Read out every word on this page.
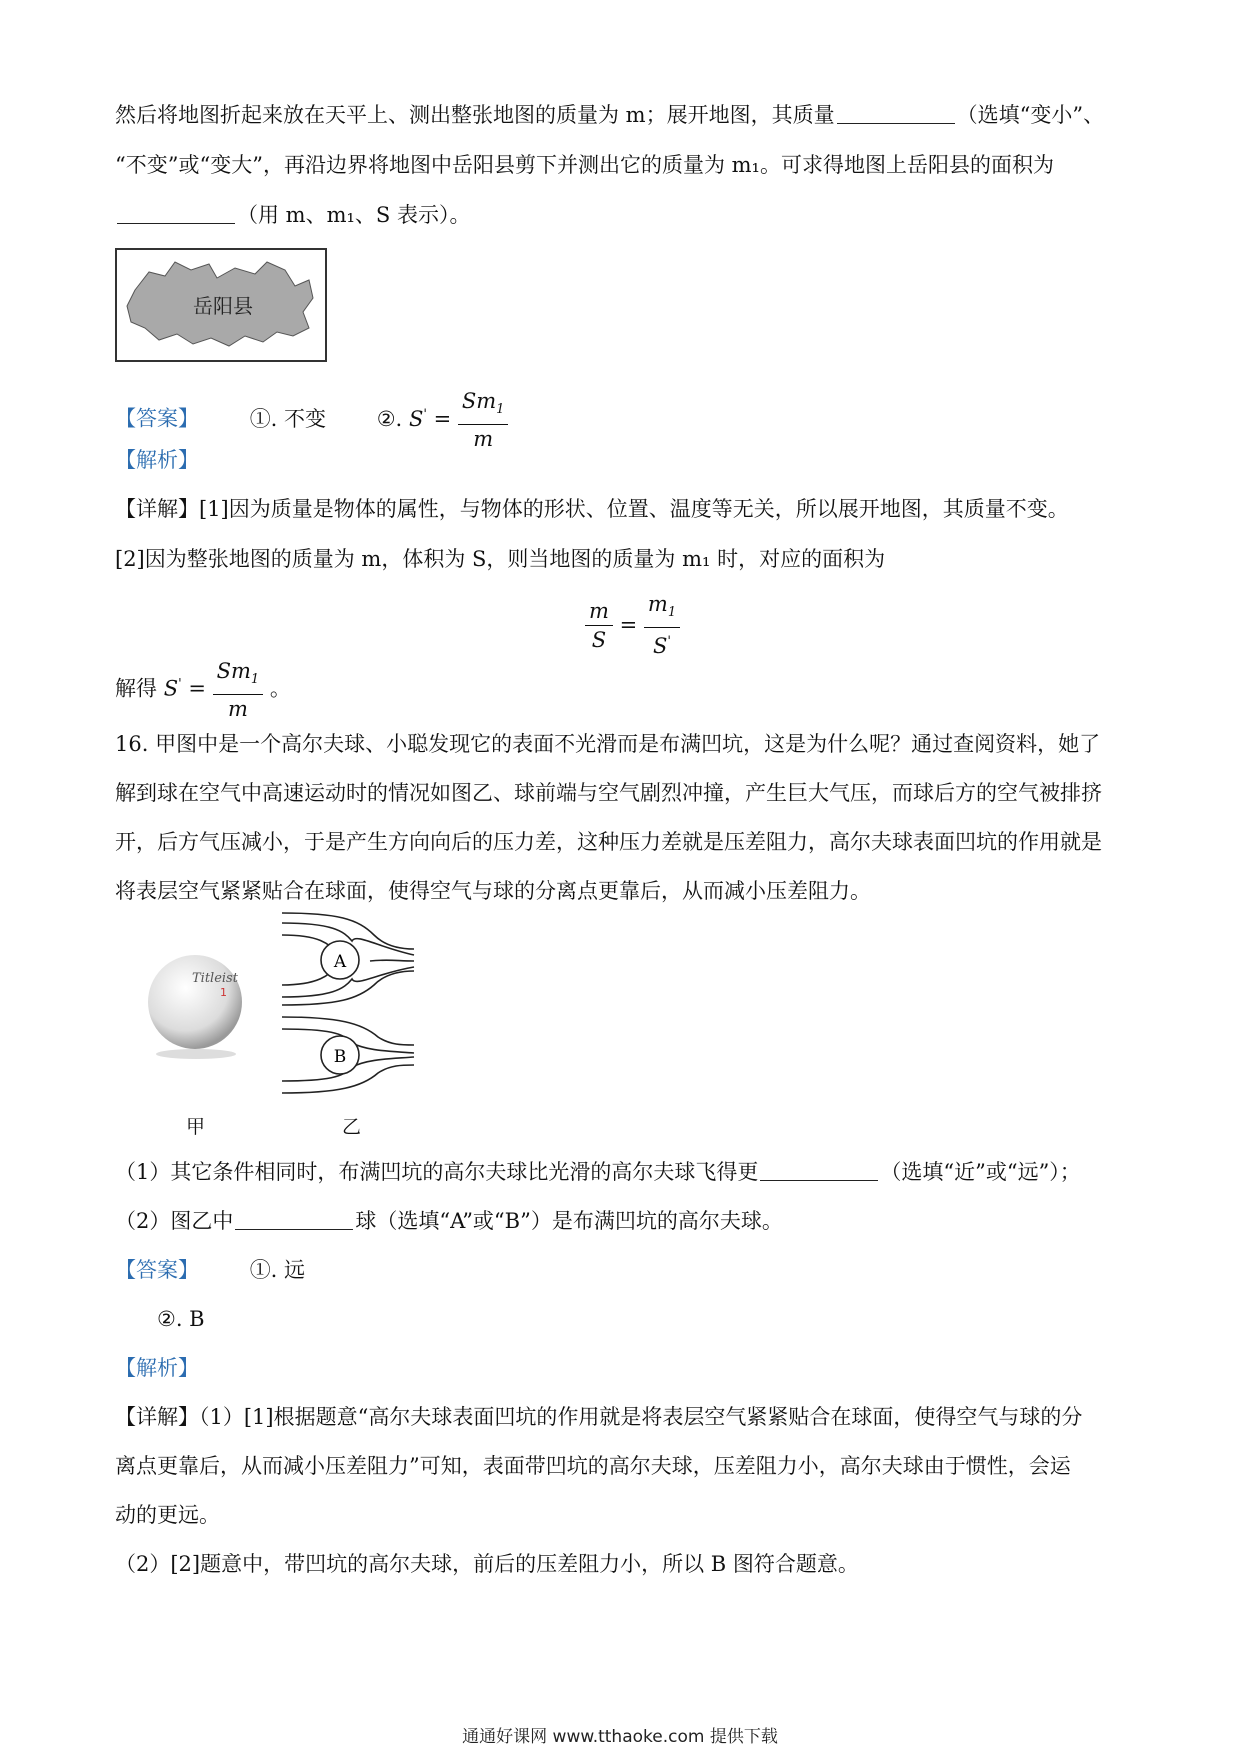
然后将地图折起来放在天平上、测出整张地图的质量为 m；展开地图，其质量	（选填“变小”、
“不变”或“变大”，再沿边界将地图中岳阳县剪下并测出它的质量为 m₁。可求得地图上岳阳县的面积为
（用 m、m₁、S 表示）。
岳阳县
【答案】 ①. 不变 ②. $S' = \frac{Sm_1}{m}$
【解析】
【详解】[1]因为质量是物体的属性，与物体的形状、位置、温度等无关，所以展开地图，其质量不变。
[2]因为整张地图的质量为 m，体积为 S，则当地图的质量为 m₁ 时，对应的面积为
$\frac{m}{S} = \frac{m_1}{S'}$
解得 $S' = \frac{Sm_1}{m}$ 。
16. 甲图中是一个高尔夫球、小聪发现它的表面不光滑而是布满凹坑，这是为什么呢？通过查阅资料，她了
解到球在空气中高速运动时的情况如图乙、球前端与空气剧烈冲撞，产生巨大气压，而球后方的空气被排挤
开，后方气压减小，于是产生方向向后的压力差，这种压力差就是压差阻力，高尔夫球表面凹坑的作用就是
将表层空气紧紧贴合在球面，使得空气与球的分离点更靠后，从而减小压差阻力。
Titleist
1
A
B
甲	乙
（1）其它条件相同时，布满凹坑的高尔夫球比光滑的高尔夫球飞得更	（选填“近”或“远”）；
（2）图乙中	球（选填“A”或“B”）是布满凹坑的高尔夫球。
【答案】 ①. 远
②. B
【解析】
【详解】（1）[1]根据题意“高尔夫球表面凹坑的作用就是将表层空气紧紧贴合在球面，使得空气与球的分
离点更靠后，从而减小压差阻力”可知，表面带凹坑的高尔夫球，压差阻力小，高尔夫球由于惯性，会运
动的更远。
（2）[2]题意中，带凹坑的高尔夫球，前后的压差阻力小，所以 B 图符合题意。
通通好课网 www.tthaoke.com 提供下载
